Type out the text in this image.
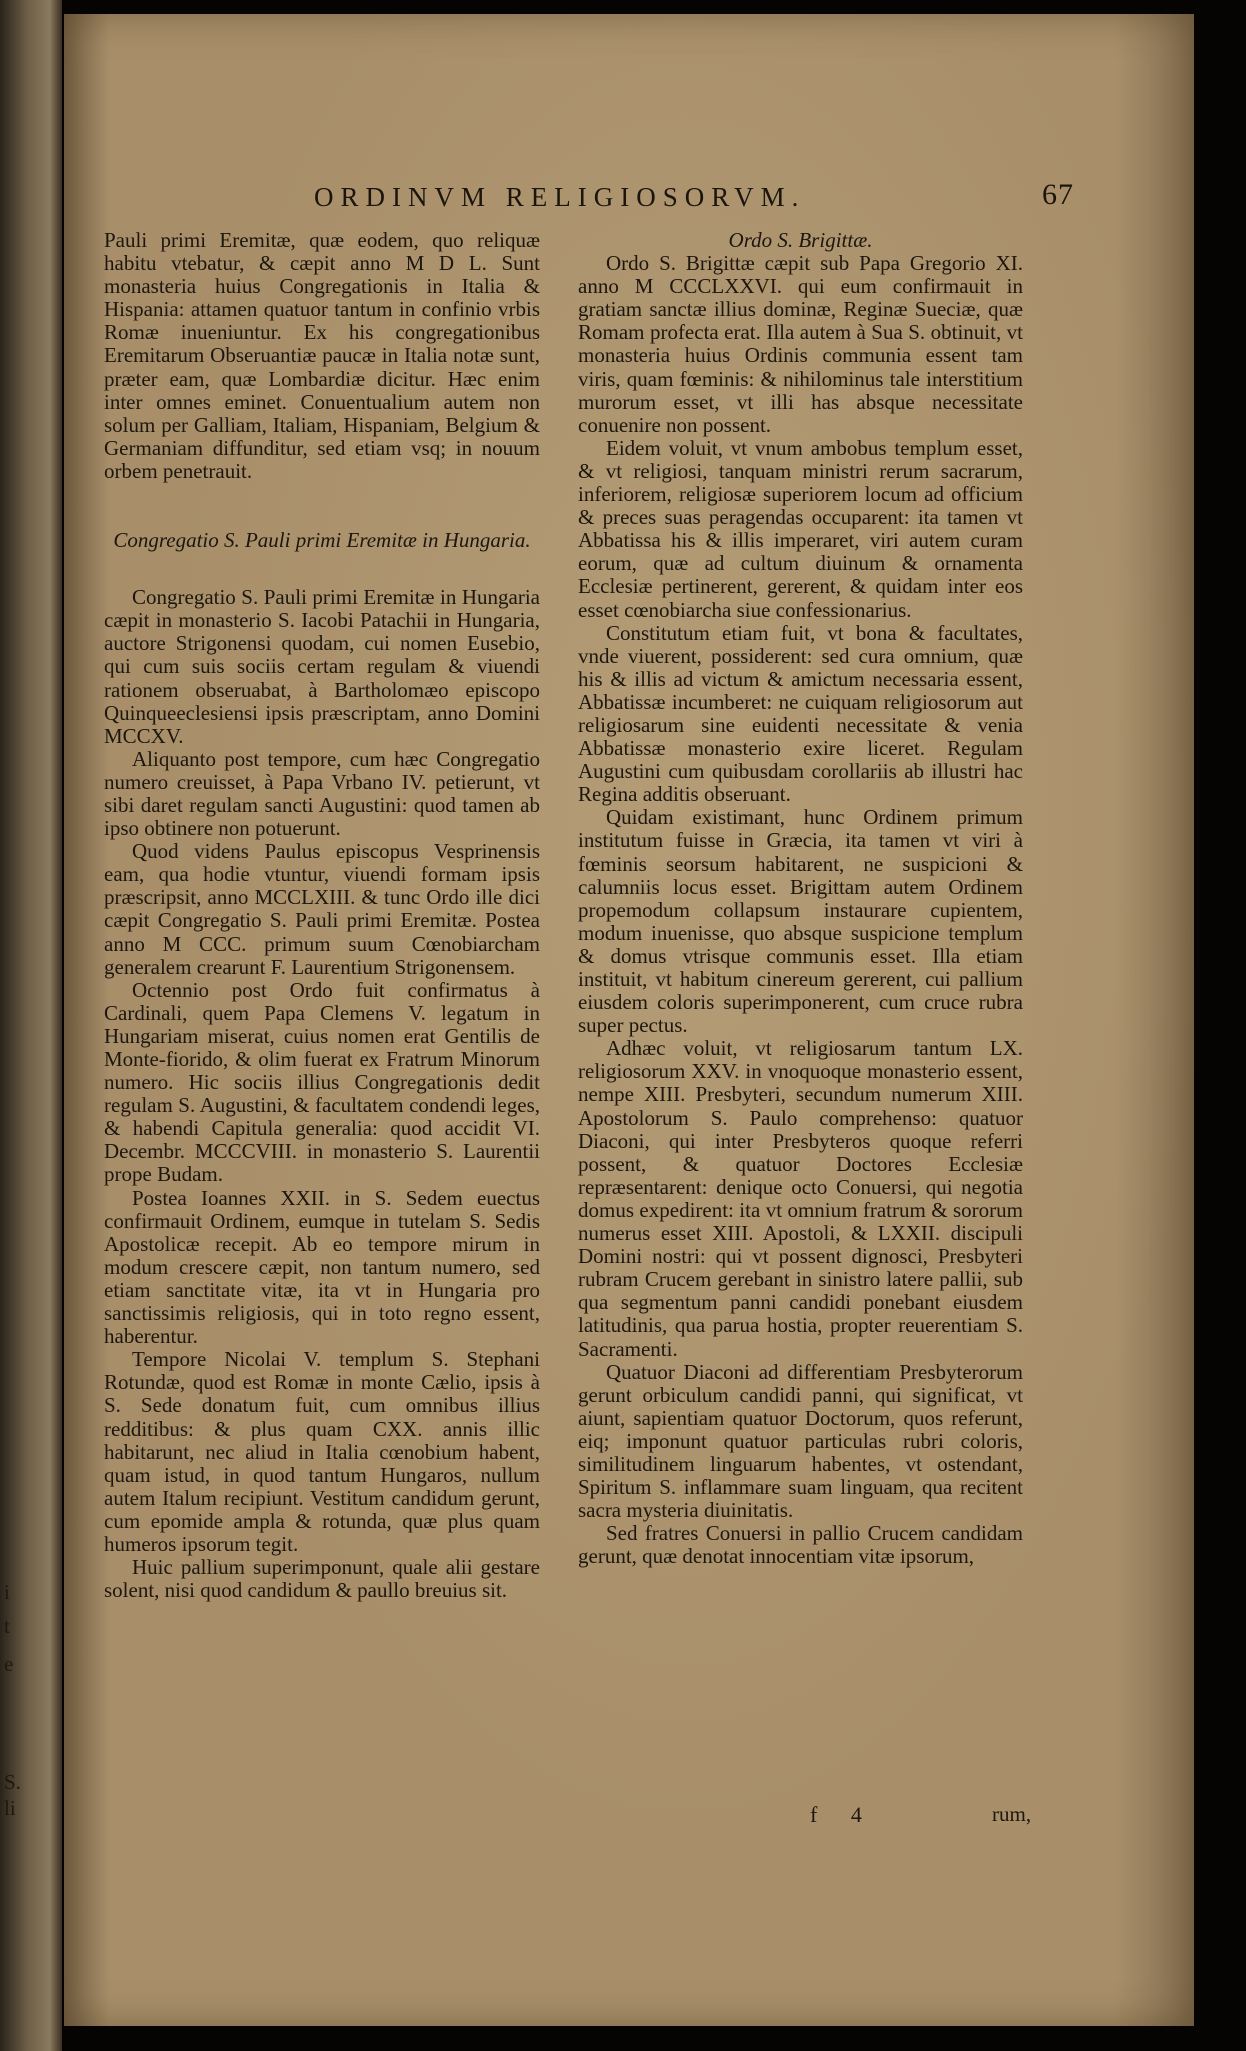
i
t
e
S.
li
ORDINVM RELIGIOSORVM.	67

Pauli primi Eremitæ, quæ eodem, quo reliquæ habitu vtebatur, & cæpit anno M D L. Sunt monasteria huius Congregationis in Italia & Hispania: attamen quatuor tantum in confinio vrbis Romæ inueniuntur. Ex his congregationibus Eremitarum Obseruantiæ paucæ in Italia notæ sunt, præter eam, quæ Lombardiæ dicitur. Hæc enim inter omnes eminet. Conuentualium autem non solum per Galliam, Italiam, Hispaniam, Belgium & Germaniam diffunditur, sed etiam vsq; in nouum orbem penetrauit.

Congregatio S. Pauli primi Eremitæ in Hungaria.

Congregatio S. Pauli primi Eremitæ in Hungaria cæpit in monasterio S. Iacobi Patachii in Hungaria, auctore Strigonensi quodam, cui nomen Eusebio, qui cum suis sociis certam regulam & viuendi rationem obseruabat, à Bartholomæo episcopo Quinqueeclesiensi ipsis præscriptam, anno Domini MCCXV.

Aliquanto post tempore, cum hæc Congregatio numero creuisset, à Papa Vrbano IV. petierunt, vt sibi daret regulam sancti Augustini: quod tamen ab ipso obtinere non potuerunt.

Quod videns Paulus episcopus Vesprinensis eam, qua hodie vtuntur, viuendi formam ipsis præscripsit, anno MCCLXIII. & tunc Ordo ille dici cæpit Congregatio S. Pauli primi Eremitæ. Postea anno M CCC. primum suum Cœnobiarcham generalem crearunt F. Laurentium Strigonensem.

Octennio post Ordo fuit confirmatus à Cardinali, quem Papa Clemens V. legatum in Hungariam miserat, cuius nomen erat Gentilis de Monte-fiorido, & olim fuerat ex Fratrum Minorum numero. Hic sociis illius Congregationis dedit regulam S. Augustini, & facultatem condendi leges, & habendi Capitula generalia: quod accidit VI. Decembr. MCCCVIII. in monasterio S. Laurentii prope Budam.

Postea Ioannes XXII. in S. Sedem euectus confirmauit Ordinem, eumque in tutelam S. Sedis Apostolicæ recepit. Ab eo tempore mirum in modum crescere cæpit, non tantum numero, sed etiam sanctitate vitæ, ita vt in Hungaria pro sanctissimis religiosis, qui in toto regno essent, haberentur.

Tempore Nicolai V. templum S. Stephani Rotundæ, quod est Romæ in monte Cælio, ipsis à S. Sede donatum fuit, cum omnibus illius redditibus: & plus quam CXX. annis illic habitarunt, nec aliud in Italia cœnobium habent, quam istud, in quod tantum Hungaros, nullum autem Italum recipiunt. Vestitum candidum gerunt, cum epomide ampla & rotunda, quæ plus quam humeros ipsorum tegit.

Huic pallium superimponunt, quale alii gestare solent, nisi quod candidum & paullo breuius sit.

Ordo S. Brigittæ.

Ordo S. Brigittæ cæpit sub Papa Gregorio XI. anno M CCCLXXVI. qui eum confirmauit in gratiam sanctæ illius dominæ, Reginæ Sueciæ, quæ Romam profecta erat. Illa autem à Sua S. obtinuit, vt monasteria huius Ordinis communia essent tam viris, quam fœminis: & nihilominus tale interstitium murorum esset, vt illi has absque necessitate conuenire non possent.

Eidem voluit, vt vnum ambobus templum esset, & vt religiosi, tanquam ministri rerum sacrarum, inferiorem, religiosæ superiorem locum ad officium & preces suas peragendas occuparent: ita tamen vt Abbatissa his & illis imperaret, viri autem curam eorum, quæ ad cultum diuinum & ornamenta Ecclesiæ pertinerent, gererent, & quidam inter eos esset cœnobiarcha siue confessionarius.

Constitutum etiam fuit, vt bona & facultates, vnde viuerent, possiderent: sed cura omnium, quæ his & illis ad victum & amictum necessaria essent, Abbatissæ incumberet: ne cuiquam religiosorum aut religiosarum sine euidenti necessitate & venia Abbatissæ monasterio exire liceret. Regulam Augustini cum quibusdam corollariis ab illustri hac Regina additis obseruant.

Quidam existimant, hunc Ordinem primum institutum fuisse in Græcia, ita tamen vt viri à fœminis seorsum habitarent, ne suspicioni & calumniis locus esset. Brigittam autem Ordinem propemodum collapsum instaurare cupientem, modum inuenisse, quo absque suspicione templum & domus vtrisque communis esset. Illa etiam instituit, vt habitum cinereum gererent, cui pallium eiusdem coloris superimponerent, cum cruce rubra super pectus.

Adhæc voluit, vt religiosarum tantum LX. religiosorum XXV. in vnoquoque monasterio essent, nempe XIII. Presbyteri, secundum numerum XIII. Apostolorum S. Paulo comprehenso: quatuor Diaconi, qui inter Presbyteros quoque referri possent, & quatuor Doctores Ecclesiæ repræsentarent: denique octo Conuersi, qui negotia domus expedirent: ita vt omnium fratrum & sororum numerus esset XIII. Apostoli, & LXXII. discipuli Domini nostri: qui vt possent dignosci, Presbyteri rubram Crucem gerebant in sinistro latere pallii, sub qua segmentum panni candidi ponebant eiusdem latitudinis, qua parua hostia, propter reuerentiam S. Sacramenti.

Quatuor Diaconi ad differentiam Presbyterorum gerunt orbiculum candidi panni, qui significat, vt aiunt, sapientiam quatuor Doctorum, quos referunt, eiq; imponunt quatuor particulas rubri coloris, similitudinem linguarum habentes, vt ostendant, Spiritum S. inflammare suam linguam, qua recitent sacra mysteria diuinitatis.

Sed fratres Conuersi in pallio Crucem candidam gerunt, quæ denotat innocentiam vitæ ipsorum,

f 4	rum,
